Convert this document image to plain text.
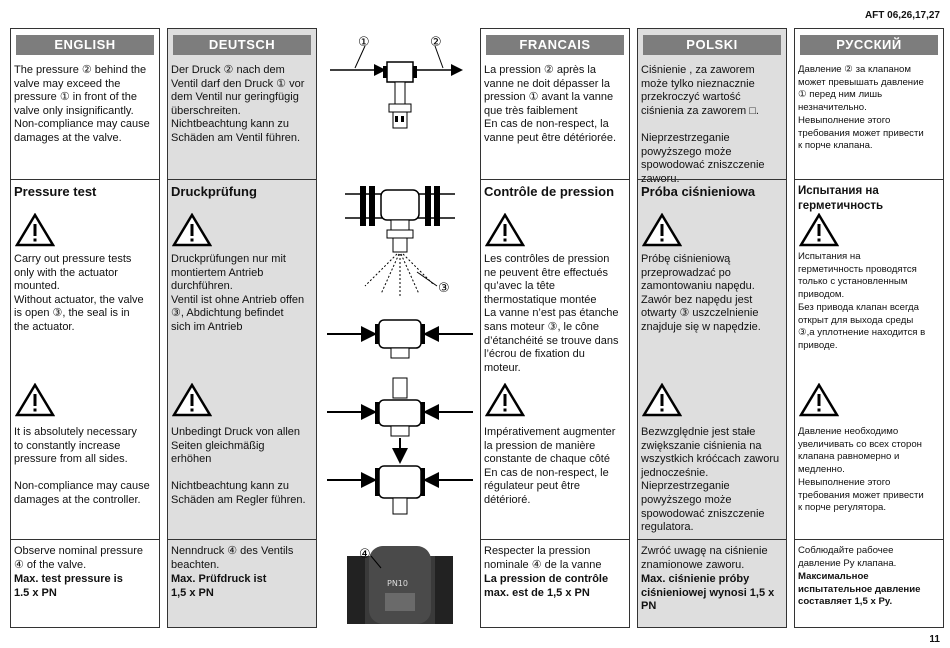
AFT 06,26,17,27
ENGLISH
The pressure ② behind the
valve may exceed the
pressure ① in front of the
valve only insignificantly.
Non-compliance may cause
damages at the valve.
Pressure test
Carry out pressure tests
only with the actuator
mounted.
Without actuator, the valve
is open ③, the seal is in
the actuator.
It is absolutely necessary
to constantly increase
pressure from all sides.

Non-compliance may cause
damages at the controller.
Observe nominal pressure
④ of the valve.
Max. test pressure is
1.5 x PN
DEUTSCH
Der Druck ② nach dem
Ventil darf den Druck ① vor
dem Ventil nur geringfügig
überschreiten.
Nichtbeachtung kann zu
Schäden am Ventil führen.
Druckprüfung
Druckprüfungen nur mit
montiertem Antrieb
durchführen.
Ventil ist ohne Antrieb offen
③, Abdichtung befindet
sich im Antrieb
Unbedingt Druck von allen
Seiten gleichmäßig
erhöhen

Nichtbeachtung kann zu
Schäden am Regler führen.
Nenndruck ④ des Ventils
beachten.
Max. Prüfdruck ist
1,5 x PN
①	②
③
PN10
④
FRANCAIS
La pression ② après la
vanne ne doit dépasser la
pression ① avant la vanne
que très faiblement
En cas de non-respect, la
vanne peut être détériorée.
Contrôle de pression
Les contrôles de pression
ne peuvent être effectués
qu’avec la tête
thermostatique montée
La vanne n’est pas étanche
sans moteur ③, le cône
d’étanchéité se trouve dans
l’écrou de fixation du
moteur.
Impérativement augmenter
la pression de manière
constante de chaque côté
En cas de non-respect, le
régulateur peut être
détérioré.
Respecter la pression
nominale ④ de la vanne
La pression de contrôle
max. est de 1,5 x PN
POLSKI
Ciśnienie , za zaworem
może tylko nieznacznie
przekroczyć wartość
ciśnienia za zaworem □.

Nieprzestrzeganie
powyższego może
spowodować zniszczenie
zaworu.
Próba ciśnieniowa
Próbę ciśnieniową
przeprowadzać po
zamontowaniu napędu.
Zawór bez napędu jest
otwarty ③ uszczelnienie
znajduje się w napędzie.
Bezwzględnie jest stałe
zwiększanie ciśnienia na
wszystkich króćcach zaworu
jednocześnie.
Nieprzestrzeganie
powyższego może
spowodować zniszczenie
regulatora.
Zwróć uwagę na ciśnienie
znamionowe zaworu.
Max. ciśnienie próby
ciśnieniowej wynosi 1,5 x
PN
РУССКИЙ
Давление ② за клапаном
может превышать давление
① перед ним лишь
незначительно.
Невыполнение этого
требования может привести
к порче клапана.
Испытания на
герметичность
Испытания на
герметичность проводятся
только с установленным
приводом.
Без привода клапан всегда
открыт для выхода среды
③,а уплотнение находится в
приводе.
Давление необходимо
увеличивать со всех сторон
клапана равномерно и
медленно.
Невыполнение этого
требования может привести
к порче регулятора.
Соблюдайте рабочее
давление Py клапана.
Максимальное
испытательное давление
составляет 1,5 x Py.
11
